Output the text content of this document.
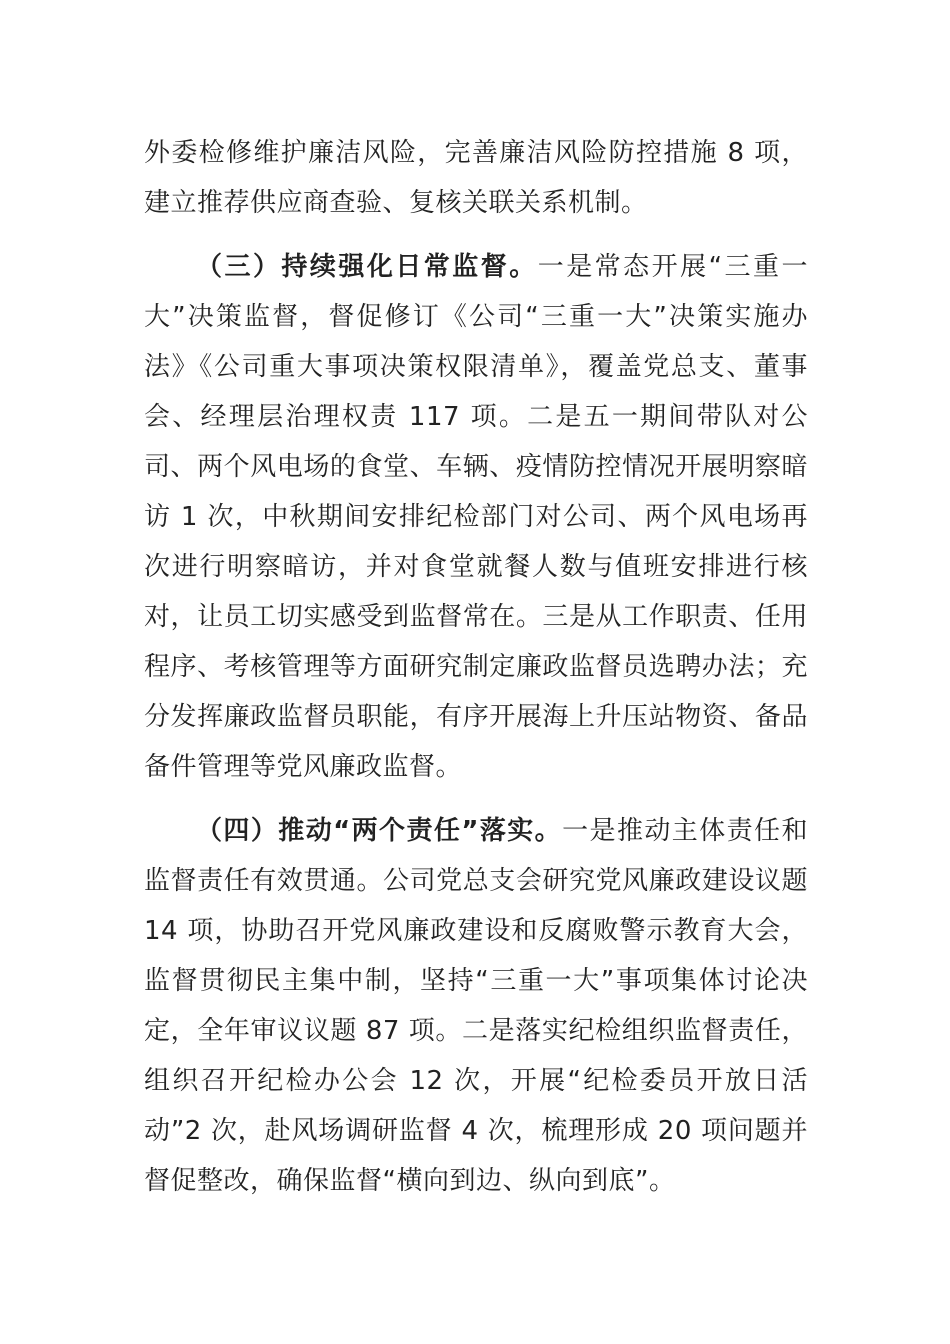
外委检修维护廉洁风险，完善廉洁风险防控措施 8 项，建立推荐供应商查验、复核关联关系机制。

（三）持续强化日常监督。一是常态开展“三重一大”决策监督，督促修订《公司“三重一大”决策实施办法》《公司重大事项决策权限清单》，覆盖党总支、董事会、经理层治理权责 117 项。二是五一期间带队对公司、两个风电场的食堂、车辆、疫情防控情况开展明察暗访 1 次，中秋期间安排纪检部门对公司、两个风电场再次进行明察暗访，并对食堂就餐人数与值班安排进行核对，让员工切实感受到监督常在。三是从工作职责、任用程序、考核管理等方面研究制定廉政监督员选聘办法；充分发挥廉政监督员职能，有序开展海上升压站物资、备品备件管理等党风廉政监督。

（四）推动“两个责任”落实。一是推动主体责任和监督责任有效贯通。公司党总支会研究党风廉政建设议题 14 项，协助召开党风廉政建设和反腐败警示教育大会，监督贯彻民主集中制，坚持“三重一大”事项集体讨论决定，全年审议议题 87 项。二是落实纪检组织监督责任，组织召开纪检办公会 12 次，开展“纪检委员开放日活动”2 次，赴风场调研监督 4 次，梳理形成 20 项问题并督促整改，确保监督“横向到边、纵向到底”。
